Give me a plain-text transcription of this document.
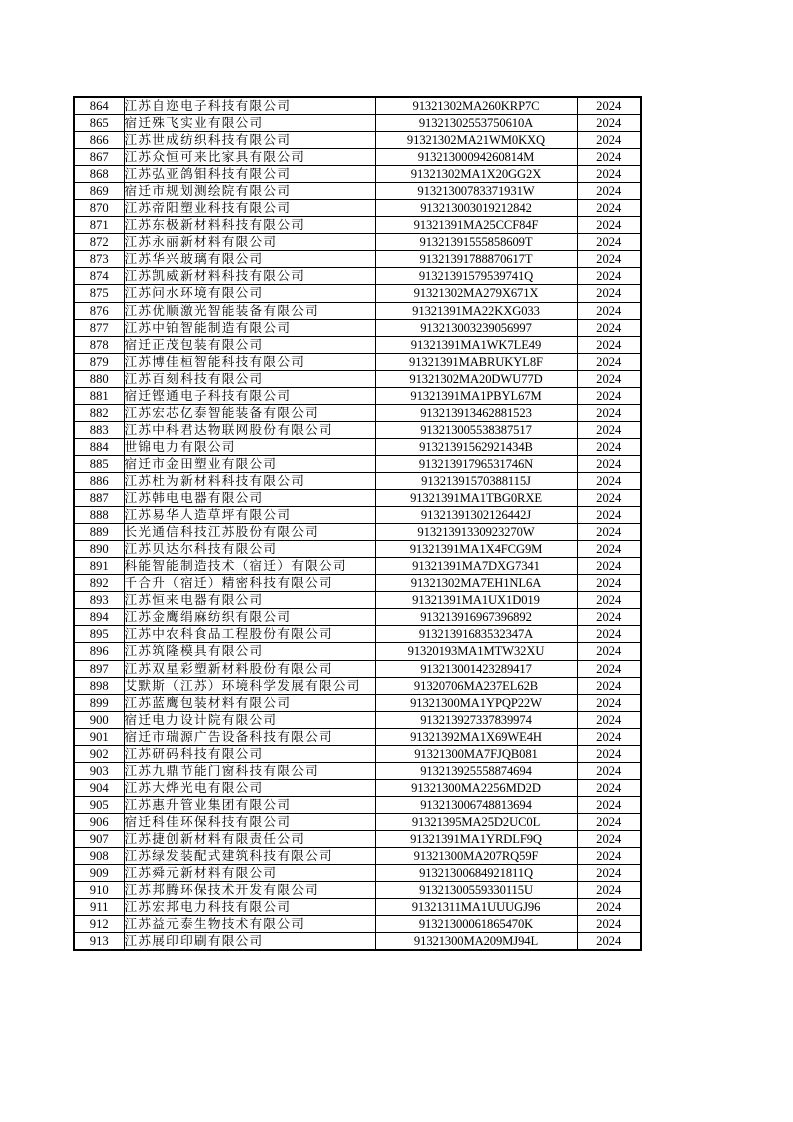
864	江苏自迩电子科技有限公司	91321302MA260KRP7C	2024
865	宿迁殊飞实业有限公司	91321302553750610A	2024
866	江苏世成纺织科技有限公司	91321302MA21WM0KXQ	2024
867	江苏众恒可来比家具有限公司	91321300094260814M	2024
868	江苏弘亚鸽钼科技有限公司	91321302MA1X20GG2X	2024
869	宿迁市规划测绘院有限公司	91321300783371931W	2024
870	江苏帝阳塑业科技有限公司	913213003019212842	2024
871	江苏东极新材料科技有限公司	91321391MA25CCF84F	2024
872	江苏永丽新材料有限公司	91321391555858609T	2024
873	江苏华兴玻璃有限公司	91321391788870617T	2024
874	江苏凯威新材料科技有限公司	91321391579539741Q	2024
875	江苏问水环境有限公司	91321302MA279X671X	2024
876	江苏优顺激光智能装备有限公司	91321391MA22KXG033	2024
877	江苏中铂智能制造有限公司	913213003239056997	2024
878	宿迁正茂包装有限公司	91321391MA1WK7LE49	2024
879	江苏博佳桓智能科技有限公司	91321391MABRUKYL8F	2024
880	江苏百刻科技有限公司	91321302MA20DWU77D	2024
881	宿迁铿通电子科技有限公司	91321391MA1PBYL67M	2024
882	江苏宏芯亿泰智能装备有限公司	913213913462881523	2024
883	江苏中科君达物联网股份有限公司	913213005538387517	2024
884	世锦电力有限公司	91321391562921434B	2024
885	宿迁市金田塑业有限公司	91321391796531746N	2024
886	江苏杜为新材料科技有限公司	91321391570388115J	2024
887	江苏韩电电器有限公司	91321391MA1TBG0RXE	2024
888	江苏易华人造草坪有限公司	91321391302126442J	2024
889	长光通信科技江苏股份有限公司	91321391330923270W	2024
890	江苏贝达尔科技有限公司	91321391MA1X4FCG9M	2024
891	科能智能制造技术（宿迁）有限公司	91321391MA7DXG7341	2024
892	千合升（宿迁）精密科技有限公司	91321302MA7EH1NL6A	2024
893	江苏恒来电器有限公司	91321391MA1UX1D019	2024
894	江苏金鹰绢麻纺织有限公司	913213916967396892	2024
895	江苏中农科食品工程股份有限公司	91321391683532347A	2024
896	江苏筑隆模具有限公司	91320193MA1MTW32XU	2024
897	江苏双星彩塑新材料股份有限公司	913213001423289417	2024
898	艾默斯（江苏）环境科学发展有限公司	91320706MA237EL62B	2024
899	江苏蓝鹰包装材料有限公司	91321300MA1YPQP22W	2024
900	宿迁电力设计院有限公司	913213927337839974	2024
901	宿迁市瑞源广告设备科技有限公司	91321392MA1X69WE4H	2024
902	江苏研码科技有限公司	91321300MA7FJQB081	2024
903	江苏九鼎节能门窗科技有限公司	913213925558874694	2024
904	江苏大烨光电有限公司	91321300MA2256MD2D	2024
905	江苏惠升管业集团有限公司	913213006748813694	2024
906	宿迁科佳环保科技有限公司	91321395MA25D2UC0L	2024
907	江苏捷创新材料有限责任公司	91321391MA1YRDLF9Q	2024
908	江苏绿发装配式建筑科技有限公司	91321300MA207RQ59F	2024
909	江苏舜元新材料有限公司	91321300684921811Q	2024
910	江苏邦腾环保技术开发有限公司	91321300559330115U	2024
911	江苏宏邦电力科技有限公司	91321311MA1UUUGJ96	2024
912	江苏益元泰生物技术有限公司	91321300061865470K	2024
913	江苏展印印刷有限公司	91321300MA209MJ94L	2024
